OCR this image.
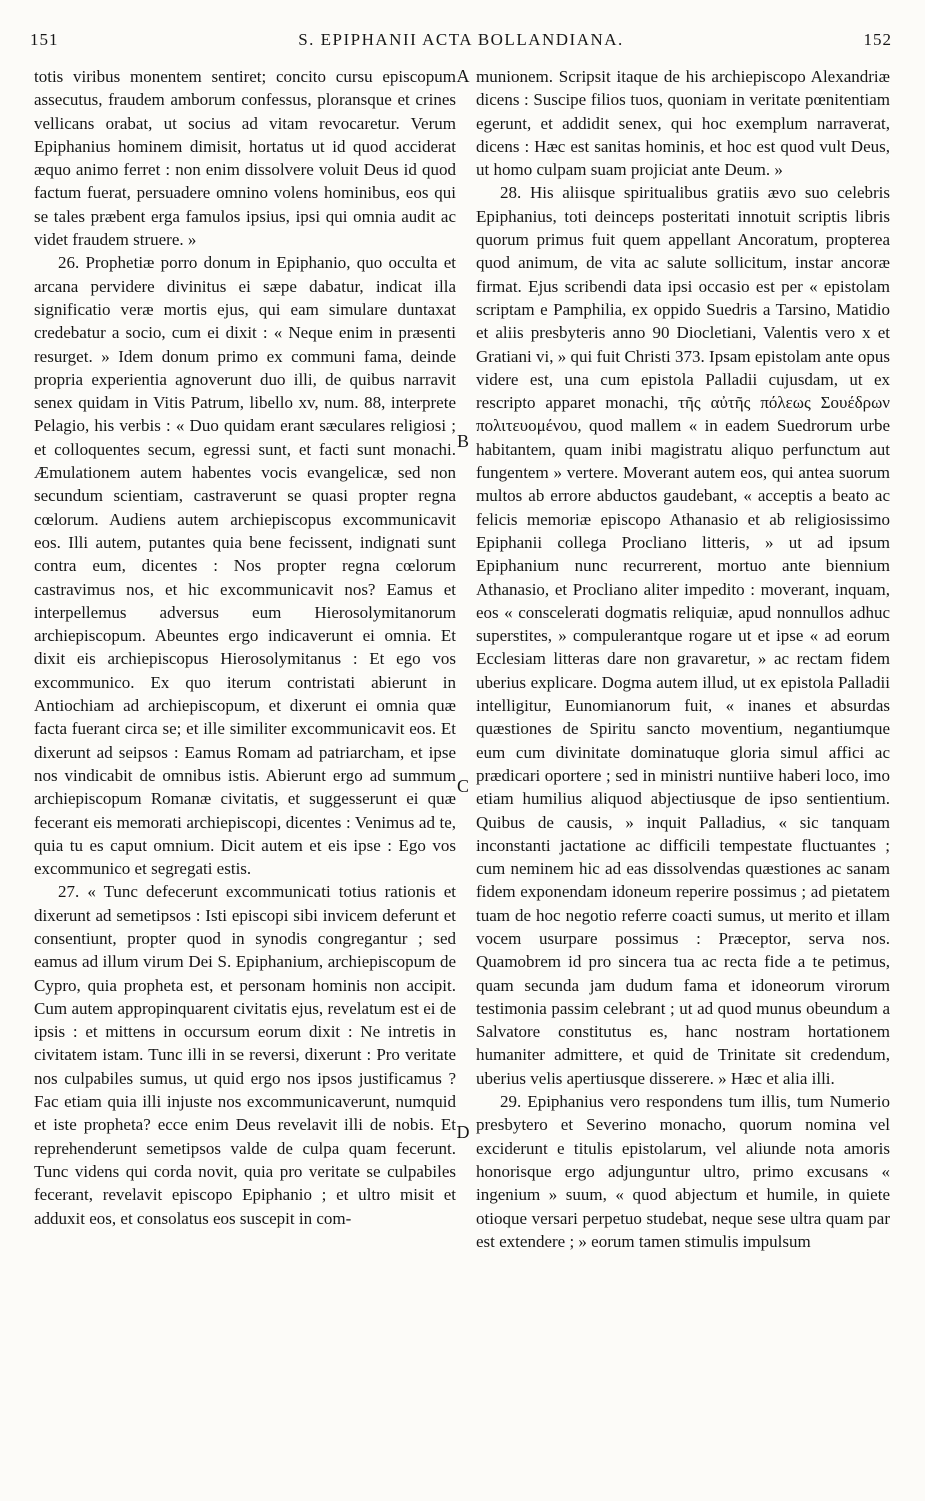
151	S. EPIPHANII ACTA BOLLANDIANA.	152
A
B
C
D

totis viribus monentem sentiret; concito cursu episcopum assecutus, fraudem amborum confessus, ploransque et crines vellicans orabat, ut socius ad vitam revocaretur. Verum Epiphanius hominem dimisit, hortatus ut id quod acciderat æquo animo ferret : non enim dissolvere voluit Deus id quod factum fuerat, persuadere omnino volens hominibus, eos qui se tales præbent erga famulos ipsius, ipsi qui omnia audit ac videt fraudem struere. »

26. Prophetiæ porro donum in Epiphanio, quo occulta et arcana pervidere divinitus ei sæpe dabatur, indicat illa significatio veræ mortis ejus, qui eam simulare duntaxat credebatur a socio, cum ei dixit : « Neque enim in præsenti resurget. » Idem donum primo ex communi fama, deinde propria experientia agnoverunt duo illi, de quibus narravit senex quidam in Vitis Patrum, libello xv, num. 88, interprete Pelagio, his verbis : « Duo quidam erant sæculares religiosi ; et colloquentes secum, egressi sunt, et facti sunt monachi. Æmulationem autem habentes vocis evangelicæ, sed non secundum scientiam, castraverunt se quasi propter regna cœlorum. Audiens autem archiepiscopus excommunicavit eos. Illi autem, putantes quia bene fecissent, indignati sunt contra eum, dicentes : Nos propter regna cœlorum castravimus nos, et hic excommunicavit nos? Eamus et interpellemus adversus eum Hierosolymitanorum archiepiscopum. Abeuntes ergo indicaverunt ei omnia. Et dixit eis archiepiscopus Hierosolymitanus : Et ego vos excommunico. Ex quo iterum contristati abierunt in Antiochiam ad archiepiscopum, et dixerunt ei omnia quæ facta fuerant circa se; et ille similiter excommunicavit eos. Et dixerunt ad seipsos : Eamus Romam ad patriarcham, et ipse nos vindicabit de omnibus istis. Abierunt ergo ad summum archiepiscopum Romanæ civitatis, et suggesserunt ei quæ fecerant eis memorati archiepiscopi, dicentes : Venimus ad te, quia tu es caput omnium. Dicit autem et eis ipse : Ego vos excommunico et segregati estis.

27. « Tunc defecerunt excommunicati totius rationis et dixerunt ad semetipsos : Isti episcopi sibi invicem deferunt et consentiunt, propter quod in synodis congregantur ; sed eamus ad illum virum Dei S. Epiphanium, archiepiscopum de Cypro, quia propheta est, et personam hominis non accipit. Cum autem appropinquarent civitatis ejus, revelatum est ei de ipsis : et mittens in occursum eorum dixit : Ne intretis in civitatem istam. Tunc illi in se reversi, dixerunt : Pro veritate nos culpabiles sumus, ut quid ergo nos ipsos justificamus ? Fac etiam quia illi injuste nos excommunicaverunt, numquid et iste propheta? ecce enim Deus revelavit illi de nobis. Et reprehenderunt semetipsos valde de culpa quam fecerunt. Tunc videns qui corda novit, quia pro veritate se culpabiles fecerant, revelavit episcopo Epiphanio ; et ultro misit et adduxit eos, et consolatus eos suscepit in com-

munionem. Scripsit itaque de his archiepiscopo Alexandriæ dicens : Suscipe filios tuos, quoniam in veritate pœnitentiam egerunt, et addidit senex, qui hoc exemplum narraverat, dicens : Hæc est sanitas hominis, et hoc est quod vult Deus, ut homo culpam suam projiciat ante Deum. »

28. His aliisque spiritualibus gratiis ævo suo celebris Epiphanius, toti deinceps posteritati innotuit scriptis libris quorum primus fuit quem appellant Ancoratum, propterea quod animum, de vita ac salute sollicitum, instar ancoræ firmat. Ejus scribendi data ipsi occasio est per « epistolam scriptam e Pamphilia, ex oppido Suedris a Tarsino, Matidio et aliis presbyteris anno 90 Diocletiani, Valentis vero x et Gratiani vi, » qui fuit Christi 373. Ipsam epistolam ante opus videre est, una cum epistola Palladii cujusdam, ut ex rescripto apparet monachi, τῆς αὐτῆς πόλεως Σουέδρων πολιτευομένου, quod mallem « in eadem Suedrorum urbe habitantem, quam inibi magistratu aliquo perfunctum aut fungentem » vertere. Moverant autem eos, qui antea suorum multos ab errore abductos gaudebant, « acceptis a beato ac felicis memoriæ episcopo Athanasio et ab religiosissimo Epiphanii collega Procliano litteris, » ut ad ipsum Epiphanium nunc recurrerent, mortuo ante biennium Athanasio, et Procliano aliter impedito : moverant, inquam, eos « conscelerati dogmatis reliquiæ, apud nonnullos adhuc superstites, » compulerantque rogare ut et ipse « ad eorum Ecclesiam litteras dare non gravaretur, » ac rectam fidem uberius explicare. Dogma autem illud, ut ex epistola Palladii intelligitur, Eunomianorum fuit, « inanes et absurdas quæstiones de Spiritu sancto moventium, negantiumque eum cum divinitate dominatuque gloria simul affici ac prædicari oportere ; sed in ministri nuntiive haberi loco, imo etiam humilius aliquod abjectiusque de ipso sentientium. Quibus de causis, » inquit Palladius, « sic tanquam inconstanti jactatione ac difficili tempestate fluctuantes ; cum neminem hic ad eas dissolvendas quæstiones ac sanam fidem exponendam idoneum reperire possimus ; ad pietatem tuam de hoc negotio referre coacti sumus, ut merito et illam vocem usurpare possimus : Præceptor, serva nos. Quamobrem id pro sincera tua ac recta fide a te petimus, quam secunda jam dudum fama et idoneorum virorum testimonia passim celebrant ; ut ad quod munus obeundum a Salvatore constitutus es, hanc nostram hortationem humaniter admittere, et quid de Trinitate sit credendum, uberius velis apertiusque disserere. » Hæc et alia illi.

29. Epiphanius vero respondens tum illis, tum Numerio presbytero et Severino monacho, quorum nomina vel exciderunt e titulis epistolarum, vel aliunde nota amoris honorisque ergo adjunguntur ultro, primo excusans « ingenium » suum, « quod abjectum et humile, in quiete otioque versari perpetuo studebat, neque sese ultra quam par est extendere ; » eorum tamen stimulis impulsum
